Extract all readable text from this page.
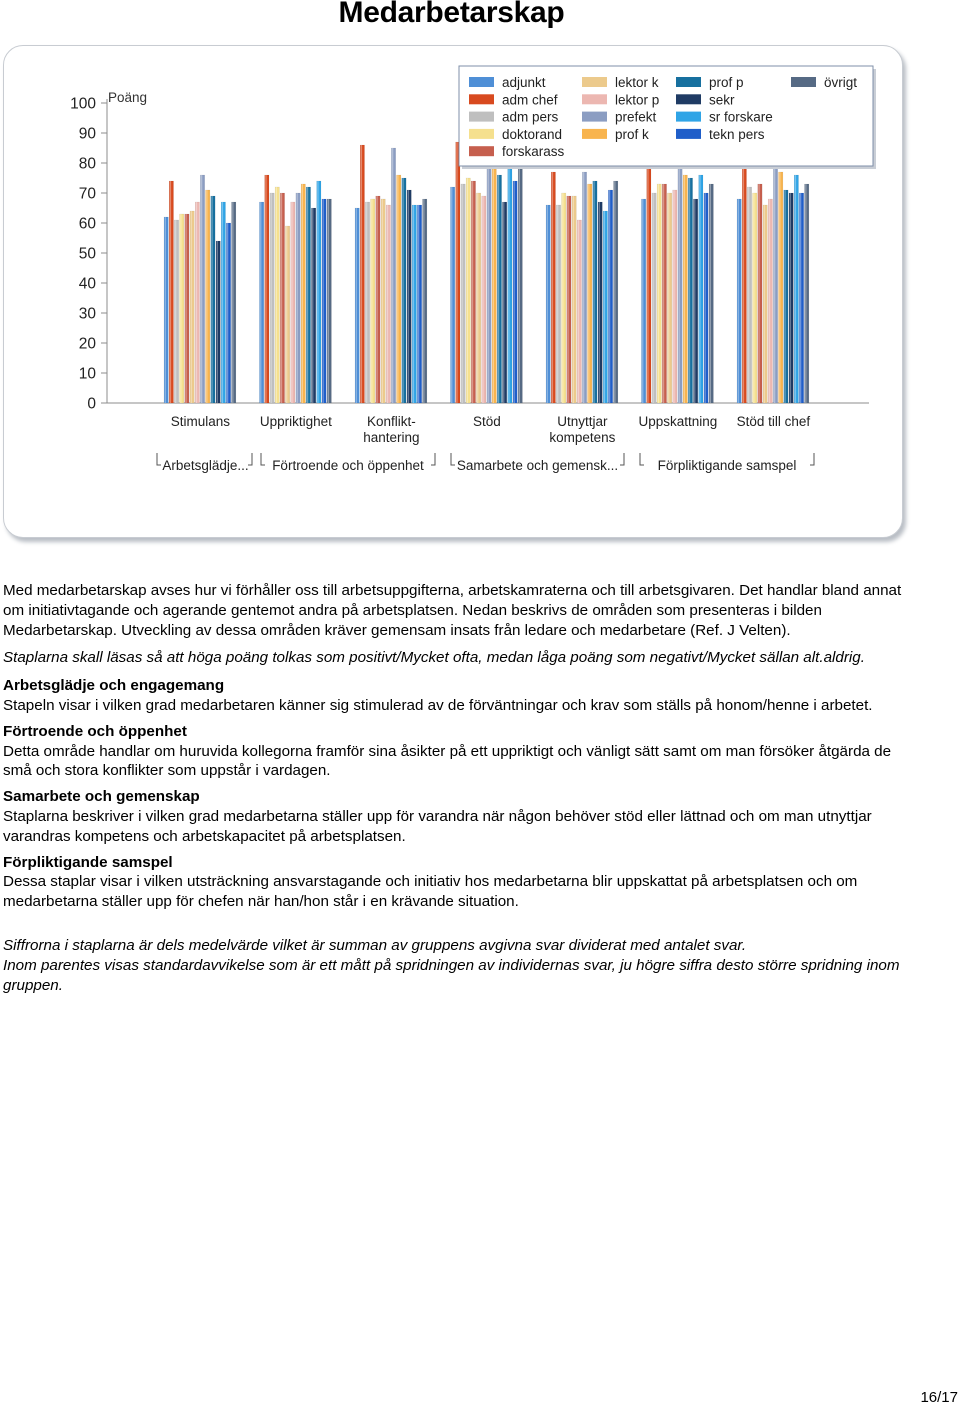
Medarbetarskap
0
10
20
30
40
50
60
70
80
90
100 Poäng
Stimulans Uppriktighet	Konflikt-
hantering
Stöd	Utnyttjar
kompetens
Uppskattning Stöd till chef
Arbetsglädje... Förtroende och öppenhet Samarbete och gemensk...	Förpliktigande samspel
adjunkt
adm chef
adm pers
doktorand
forskarass
lektor k
lektor p
prefekt
prof k
prof p
sekr
sr forskare
tekn pers
övrigt

Med medarbetarskap avses hur vi förhåller oss till arbetsuppgifterna, arbetskamraterna och till arbetsgivaren. Det handlar bland annat om initiativtagande och agerande gentemot andra på arbetsplatsen. Nedan beskrivs de områden som presenteras i bilden Medarbetarskap. Utveckling av dessa områden kräver gemensam insats från ledare och medarbetare (Ref. J Velten).

Staplarna skall läsas så att höga poäng tolkas som positivt/Mycket ofta, medan låga poäng som negativt/Mycket sällan alt.aldrig.

Arbetsglädje och engagemang

Stapeln visar i vilken grad medarbetaren känner sig stimulerad av de förväntningar och krav som ställs på honom/henne i arbetet.

Förtroende och öppenhet

Detta område handlar om huruvida kollegorna framför sina åsikter på ett uppriktigt och vänligt sätt samt om man försöker åtgärda de små och stora konflikter som uppstår i vardagen.

Samarbete och gemenskap

Staplarna beskriver i vilken grad medarbetarna ställer upp för varandra när någon behöver stöd eller lättnad och om man utnyttjar varandras kompetens och arbetskapacitet på arbetsplatsen.

Förpliktigande samspel

Dessa staplar visar i vilken utsträckning ansvarstagande och initiativ hos medarbetarna blir uppskattat på arbetsplatsen och om medarbetarna ställer upp för chefen när han/hon står i en krävande situation.

Siffrorna i staplarna är dels medelvärde vilket är summan av gruppens avgivna svar dividerat med antalet svar.

Inom parentes visas standardavvikelse som är ett mått på spridningen av individernas svar, ju högre siffra desto större spridning inom gruppen.

16/17
